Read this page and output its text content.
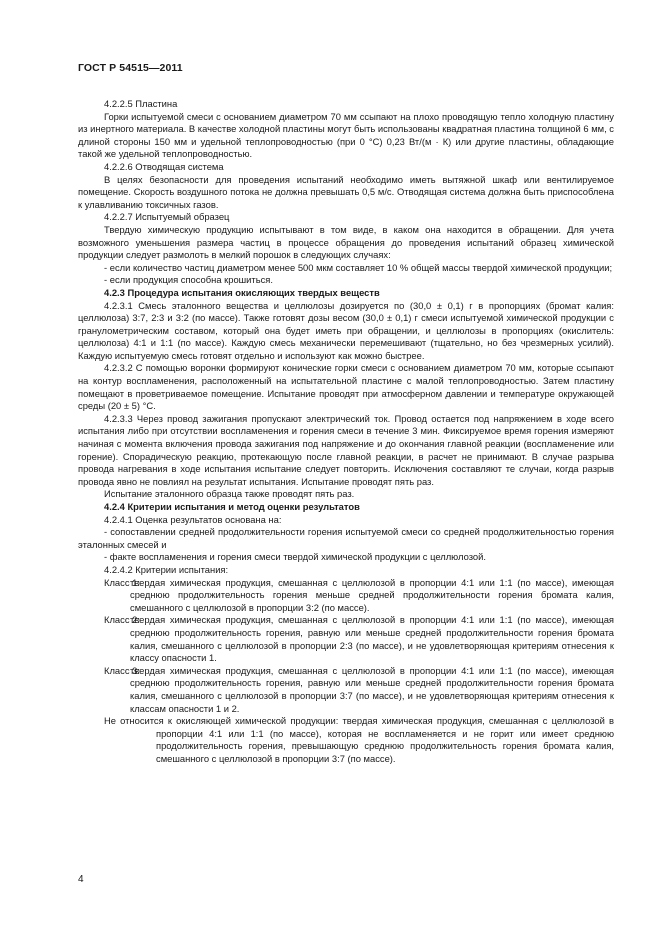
ГОСТ Р 54515—2011

4.2.2.5 Пластина

Горки испытуемой смеси с основанием диаметром 70 мм ссыпают на плохо проводящую тепло холодную пластину из инертного материала. В качестве холодной пластины могут быть использованы квадратная пластина толщиной 6 мм, с длиной стороны 150 мм и удельной теплопроводностью (при 0 °С) 0,23 Вт/(м · К) или другие пластины, обладающие такой же удельной теплопроводностью.

4.2.2.6 Отводящая система

В целях безопасности для проведения испытаний необходимо иметь вытяжной шкаф или вентилируемое помещение. Скорость воздушного потока не должна превышать 0,5 м/с. Отводящая система должна быть приспособлена к улавливанию токсичных газов.

4.2.2.7 Испытуемый образец

Твердую химическую продукцию испытывают в том виде, в каком она находится в обращении. Для учета возможного уменьшения размера частиц в процессе обращения до проведения испытаний образец химической продукции следует размолоть в мелкий порошок в следующих случаях:

- если количество частиц диаметром менее 500 мкм составляет 10 % общей массы твердой химической продукции;

- если продукция способна крошиться.

4.2.3 Процедура испытания окисляющих твердых веществ

4.2.3.1 Смесь эталонного вещества и целлюлозы дозируется по (30,0 ± 0,1) г в пропорциях (бромат калия: целлюлоза) 3:7, 2:3 и 3:2 (по массе). Также готовят дозы весом (30,0 ± 0,1) г смеси испытуемой химической продукции с гранулометрическим составом, который она будет иметь при обращении, и целлюлозы в пропорциях (окислитель: целлюлоза) 4:1 и 1:1 (по массе). Каждую смесь механически перемешивают (тщательно, но без чрезмерных усилий). Каждую испытуемую смесь готовят отдельно и используют как можно быстрее.

4.2.3.2 С помощью воронки формируют конические горки смеси с основанием диаметром 70 мм, которые ссыпают на контур воспламенения, расположенный на испытательной пластине с малой теплопроводностью. Затем пластину помещают в проветриваемое помещение. Испытание проводят при атмосферном давлении и температуре окружающей среды (20 ± 5) °С.

4.2.3.3 Через провод зажигания пропускают электрический ток. Провод остается под напряжением в ходе всего испытания либо при отсутствии воспламенения и горения смеси в течение 3 мин. Фиксируемое время горения измеряют начиная с момента включения провода зажигания под напряжение и до окончания главной реакции (воспламенение или горение). Спорадическую реакцию, протекающую после главной реакции, в расчет не принимают. В случае разрыва провода нагревания в ходе испытания испытание следует повторить. Исключения составляют те случаи, когда разрыв провода явно не повлиял на результат испытания. Испытание проводят пять раз.

Испытание эталонного образца также проводят пять раз.

4.2.4 Критерии испытания и метод оценки результатов

4.2.4.1 Оценка результатов основана на:

- сопоставлении средней продолжительности горения испытуемой смеси со средней продолжительностью горения эталонных смесей и

- факте воспламенения и горения смеси твердой химической продукции с целлюлозой.

4.2.4.2 Критерии испытания:

Класс 1:
твердая химическая продукция, смешанная с целлюлозой в пропорции 4:1 или 1:1 (по массе), имеющая среднюю продолжительность горения меньше средней продолжительности горения бромата калия, смешанного с целлюлозой в пропорции 3:2 (по массе).
Класс 2:
твердая химическая продукция, смешанная с целлюлозой в пропорции 4:1 или 1:1 (по массе), имеющая среднюю продолжительность горения, равную или меньше средней продолжительности горения бромата калия, смешанного с целлюлозой в пропорции 2:3 (по массе), и не удовлетворяющая критериям отнесения к классу опасности 1.
Класс 3:
твердая химическая продукция, смешанная с целлюлозой в пропорции 4:1 или 1:1 (по массе), имеющая среднюю продолжительность горения, равную или меньше средней продолжительности горения бромата калия, смешанного с целлюлозой в пропорции 3:7 (по массе), и не удовлетворяющая критериям отнесения к классам опасности 1 и 2.

Не относится к окисляющей химической продукции: твердая химическая продукция, смешанная с целлюлозой в пропорции 4:1 или 1:1 (по массе), которая не воспламеняется и не горит или имеет среднюю продолжительность горения, превышающую среднюю продолжительность горения бромата калия, смешанного с целлюлозой в пропорции 3:7 (по массе).

4
